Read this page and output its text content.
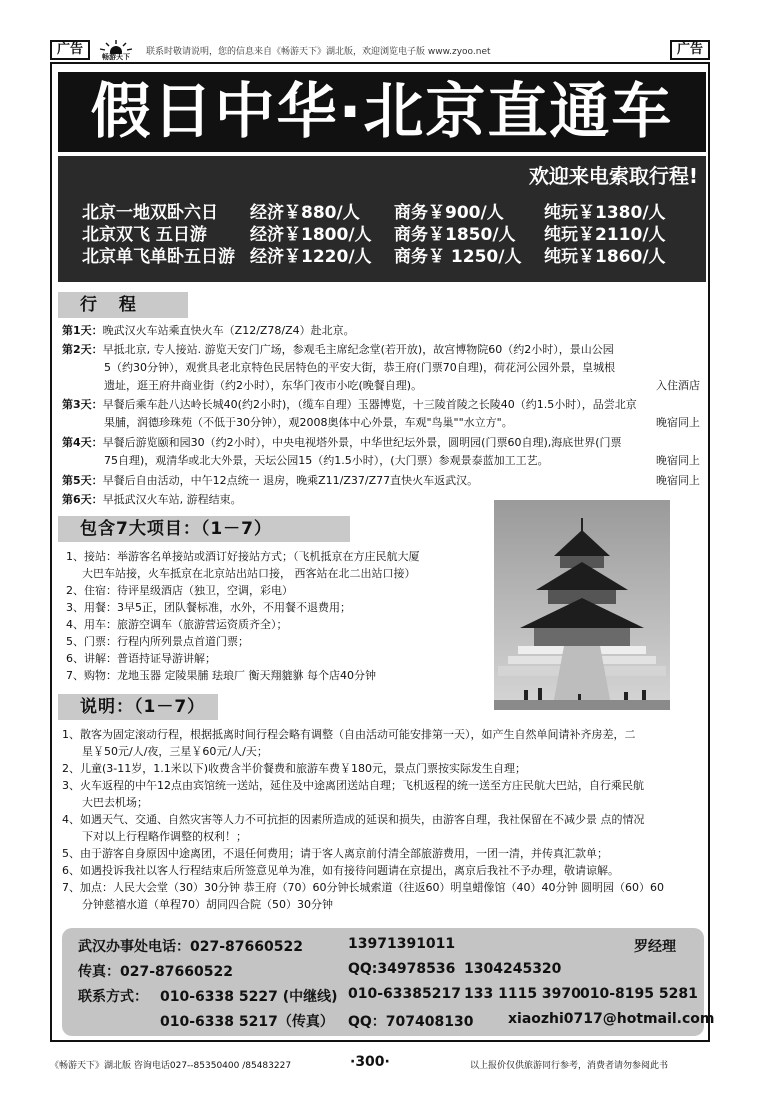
广告	畅游天下	联系时敬请说明，您的信息来自《畅游天下》湖北版，欢迎浏览电子版 www.zyoo.net	广告
假日中华·北京直通车
欢迎来电索取行程!
北京一地双卧六日 经济￥880/人 商务￥900/人 纯玩￥1380/人
北京双飞 五日游	经济￥1800/人 商务￥1850/人 纯玩￥2110/人
北京单飞单卧五日游 经济￥1220/人 商务￥ 1250/人 纯玩￥1860/人
行 程
第1天：晚武汉火车站乘直快火车（Z12/Z78/Z4）赴北京。
第2天：早抵北京, 专人接站. 游览天安门广场，参观毛主席纪念堂(若开放)，故宫博物院60（约2小时），景山公园
5（约30分钟），观赏具老北京特色民居特色的平安大街，恭王府(门票70自理)，荷花河公园外景，皇城根
遗址，逛王府井商业街（约2小时），东华门夜市小吃(晚餐自理)。	入住酒店
第3天：早餐后乘车赴八达岭长城40(约2小时)，（缆车自理）玉器博览，十三陵首陵之长陵40（约1.5小时），品尝北京
果脯，润德珍珠苑（不低于30分钟），观2008奥体中心外景，车观"鸟巢""水立方"。	晚宿同上
第4天：早餐后游览颐和园30（约2小时），中央电视塔外景，中华世纪坛外景，圆明园(门票60自理),海底世界(门票
75自理)，观清华或北大外景，天坛公园15（约1.5小时），(大门票）参观景泰蓝加工工艺。	晚宿同上
第5天：早餐后自由活动，中午12点统一 退房，晚乘Z11/Z37/Z77直快火车返武汉。	晚宿同上
第6天：早抵武汉火车站, 游程结束。
包含7大项目：（1－7）
1、接站：举游客名单接站或酒订好接站方式；（飞机抵京在方庄民航大厦
大巴车站接，火车抵京在北京站出站口接， 西客站在北二出站口接）
2、住宿：待评星级酒店（独卫，空调，彩电）
3、用餐：3早5正，团队餐标准，水外，不用餐不退费用；
4、用车：旅游空调车（旅游营运资质齐全）；
5、门票：行程内所列景点首道门票；
6、讲解：普语持证导游讲解；
7、购物：龙地玉器 定陵果脯 珐琅厂 衡天翔貔貅 每个店40分钟
说明：（1－7）
1、散客为固定滚动行程，根据抵离时间行程会略有调整（自由活动可能安排第一天），如产生自然单间请补齐房差，二
星￥50元/人/夜，三星￥60元/人/天；
2、儿童(3-11岁，1.1米以下)收费含半价餐费和旅游车费￥180元，景点门票按实际发生自理；
3、火车返程的中午12点由宾馆统一送站，延住及中途离团送站自理；飞机返程的统一送至方庄民航大巴站，自行乘民航
大巴去机场；
4、如遇天气、交通、自然灾害等人力不可抗拒的因素所造成的延误和损失，由游客自理，我社保留在不减少景 点的情况
下对以上行程略作调整的权利！；
5、由于游客自身原因中途离团，不退任何费用；请于客人离京前付清全部旅游费用，一团一清，并传真汇款单；
6、如遇投诉我社以客人行程结束后所签意见单为准，如有接待问题请在京提出，离京后我社不予办理，敬请谅解。
7、加点：人民大会堂（30）30分钟 恭王府（70）60分钟长城索道（往返60）明皇蜡像馆（40）40分钟 圆明园（60）60
分钟慈禧水道（单程70）胡同四合院（50）30分钟
武汉办事处电话：027-87660522	13971391011	罗经理
传真：027-87660522	QQ:34978536 1304245320
联系方式： 010-6338 5227 (中继线) 010-63385217 133 1115 3970 010-8195 5281
010-6338 5217（传真） QQ：707408130 xiaozhi0717@hotmail.com
《畅游天下》湖北版 咨询电话027--85350400 /85483227	·300·	以上报价仅供旅游同行参考，消费者请勿参阅此书
